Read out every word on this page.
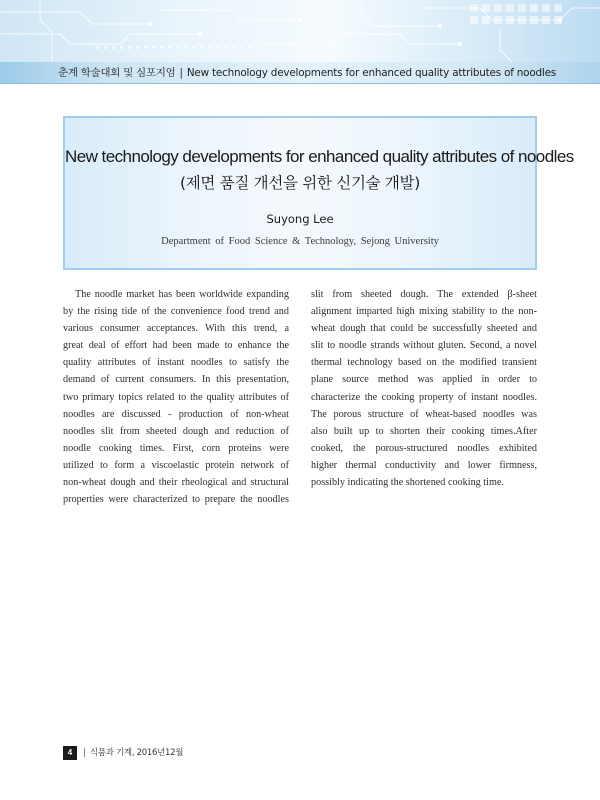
춘계 학술대회 및 심포지엄 | New technology developments for enhanced quality attributes of noodles
New technology developments for enhanced quality attributes of noodles
(제면 품질 개선을 위한 신기술 개발)
Suyong Lee
Department of Food Science & Technology, Sejong University
The noodle market has been worldwide expanding
by the rising tide of the convenience food trend and
various consumer acceptances. With this trend, a
great deal of effort had been made to enhance the
quality attributes of instant noodles to satisfy the
demand of current consumers. In this presentation,
two primary topics related to the quality attributes of
noodles are discussed - production of non-wheat
noodles slit from sheeted dough and reduction of
noodle cooking times. First, corn proteins were
utilized to form a viscoelastic protein network of
non-wheat dough and their rheological and structural
properties were characterized to prepare the noodles
slit from sheeted dough. The extended β-sheet
alignment imparted high mixing stability to the non-
wheat dough that could be successfully sheeted and
slit to noodle strands without gluten. Second, a novel
thermal technology based on the modified transient
plane source method was applied in order to
characterize the cooking property of instant noodles.
The porous structure of wheat-based noodles was
also built up to shorten their cooking times.After
cooked, the porous-structured noodles exhibited
higher thermal conductivity and lower firmness,
possibly indicating the shortened cooking time.
4 | 식품과 기계, 2016년12월
